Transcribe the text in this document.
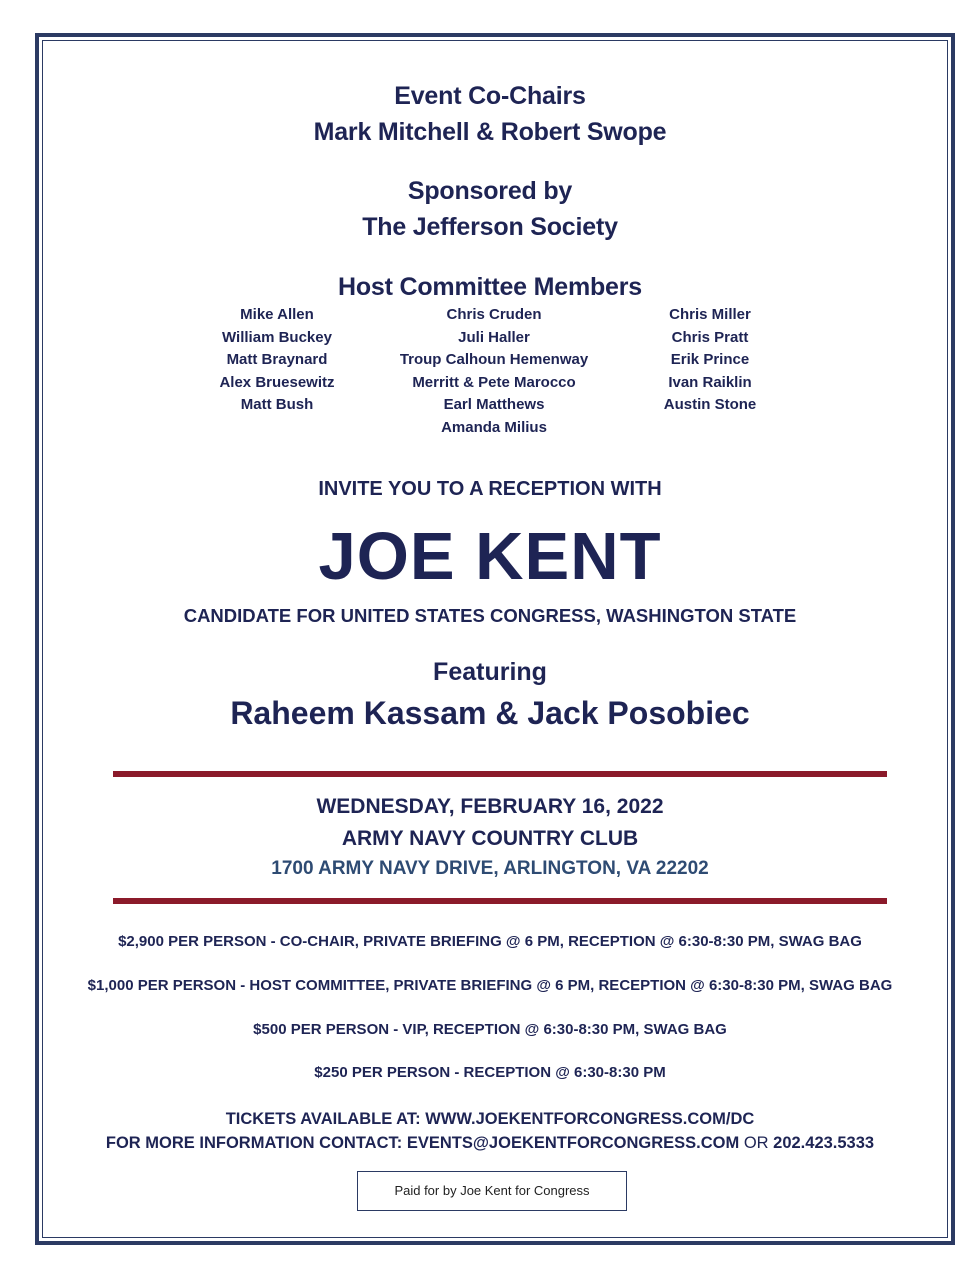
Event Co-Chairs
Mark Mitchell & Robert Swope
Sponsored by
The Jefferson Society
Host Committee Members
Mike Allen
William Buckey
Matt Braynard
Alex Bruesewitz
Matt Bush
Chris Cruden
Juli Haller
Troup Calhoun Hemenway
Merritt & Pete Marocco
Earl Matthews
Amanda Milius
Chris Miller
Chris Pratt
Erik Prince
Ivan Raiklin
Austin Stone
INVITE YOU TO A RECEPTION WITH
JOE KENT
CANDIDATE FOR UNITED STATES CONGRESS, WASHINGTON STATE
Featuring
Raheem Kassam & Jack Posobiec
WEDNESDAY, FEBRUARY 16, 2022
ARMY NAVY COUNTRY CLUB
1700 ARMY NAVY DRIVE, ARLINGTON, VA 22202
$2,900 PER PERSON - CO-CHAIR, PRIVATE BRIEFING @ 6 PM, RECEPTION @ 6:30-8:30 PM, SWAG BAG
$1,000 PER PERSON - HOST COMMITTEE, PRIVATE BRIEFING @ 6 PM, RECEPTION @ 6:30-8:30 PM, SWAG BAG
$500 PER PERSON - VIP, RECEPTION @ 6:30-8:30 PM, SWAG BAG
$250 PER PERSON - RECEPTION @ 6:30-8:30 PM
TICKETS AVAILABLE AT: WWW.JOEKENTFORCONGRESS.COM/DC
FOR MORE INFORMATION CONTACT: EVENTS@JOEKENTFORCONGRESS.COM OR 202.423.5333
Paid for by Joe Kent for Congress
